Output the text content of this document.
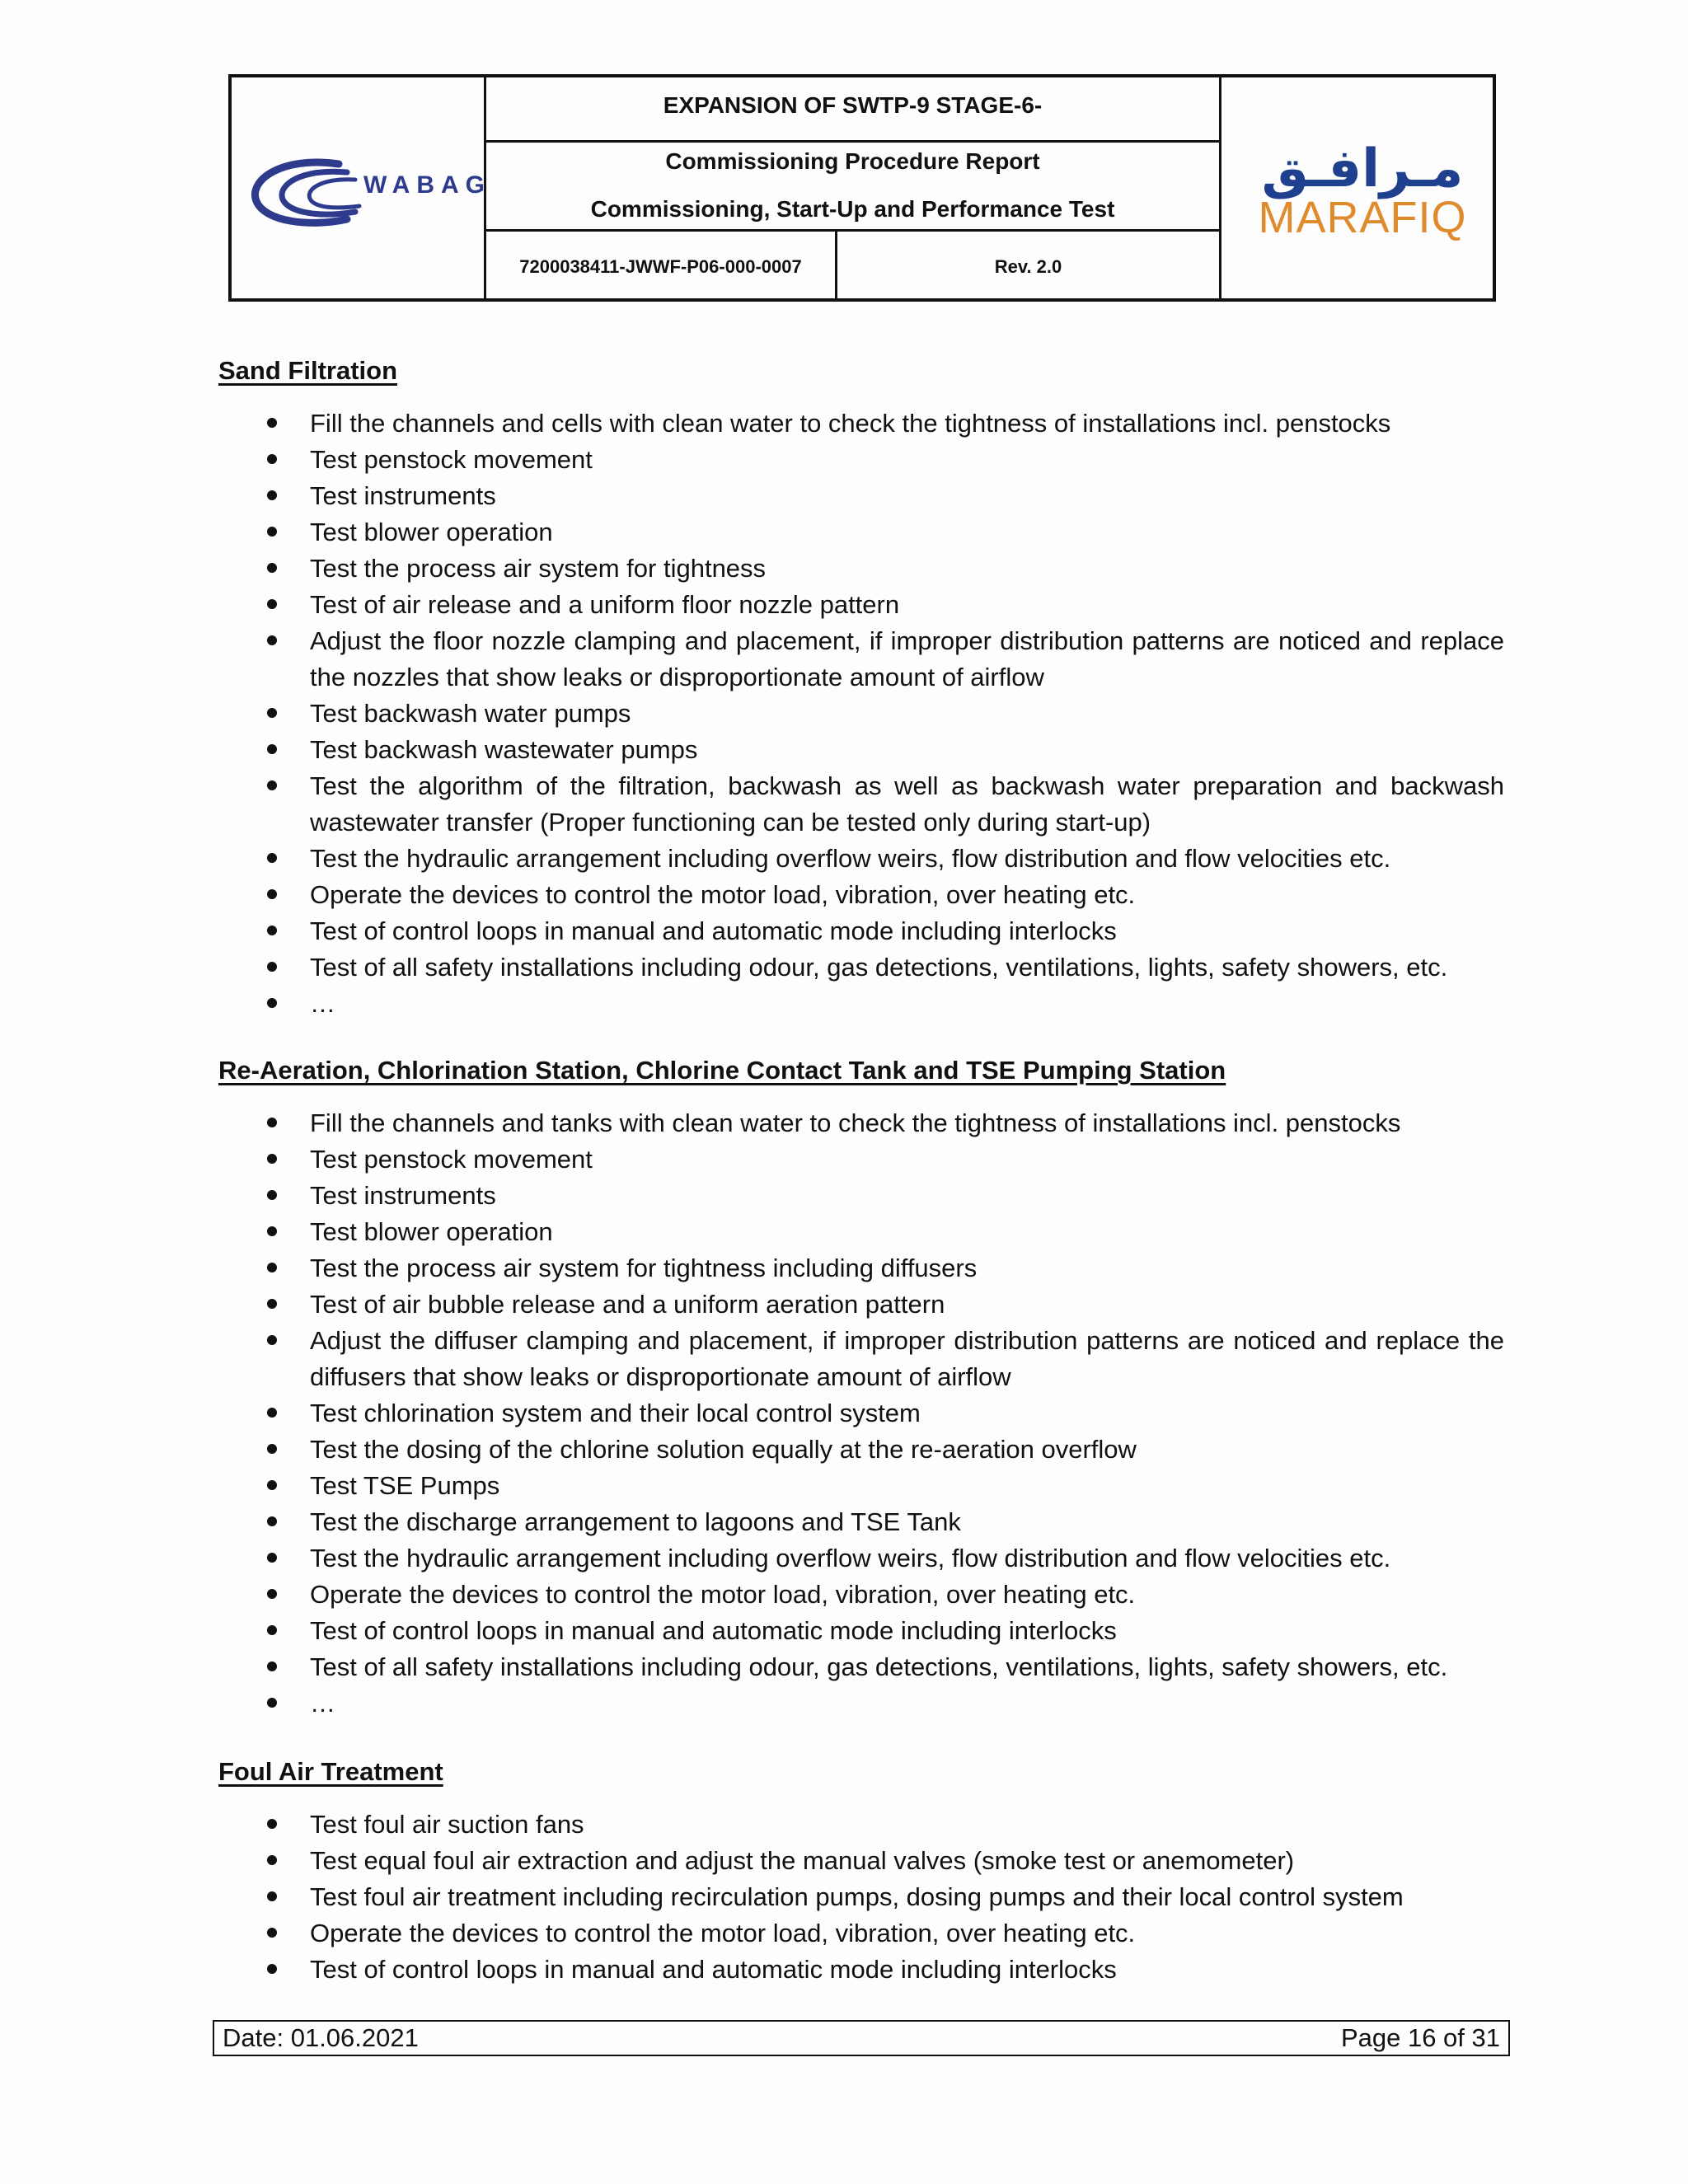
WABAG
EXPANSION OF SWTP-9 STAGE-6-
Commissioning Procedure Report
Commissioning, Start-Up and Performance Test
7200038411-JWWF-P06-000-0007	Rev. 2.0
مـرافـق
MARAFIQ
Sand Filtration
Fill the channels and cells with clean water to check the tightness of installations incl. penstocks
Test penstock movement
Test instruments
Test blower operation
Test the process air system for tightness
Test of air release and a uniform floor nozzle pattern
Adjust the floor nozzle clamping and placement, if improper distribution patterns are noticed and replace the nozzles that show leaks or disproportionate amount of airflow
Test backwash water pumps
Test backwash wastewater pumps
Test the algorithm of the filtration, backwash as well as backwash water preparation and backwash wastewater transfer (Proper functioning can be tested only during start-up)
Test the hydraulic arrangement including overflow weirs, flow distribution and flow velocities etc.
Operate the devices to control the motor load, vibration, over heating etc.
Test of control loops in manual and automatic mode including interlocks
Test of all safety installations including odour, gas detections, ventilations, lights, safety showers, etc.
…
Re-Aeration, Chlorination Station, Chlorine Contact Tank and TSE Pumping Station
Fill the channels and tanks with clean water to check the tightness of installations incl. penstocks
Test penstock movement
Test instruments
Test blower operation
Test the process air system for tightness including diffusers
Test of air bubble release and a uniform aeration pattern
Adjust the diffuser clamping and placement, if improper distribution patterns are noticed and replace the diffusers that show leaks or disproportionate amount of airflow
Test chlorination system and their local control system
Test the dosing of the chlorine solution equally at the re-aeration overflow
Test TSE Pumps
Test the discharge arrangement to lagoons and TSE Tank
Test the hydraulic arrangement including overflow weirs, flow distribution and flow velocities etc.
Operate the devices to control the motor load, vibration, over heating etc.
Test of control loops in manual and automatic mode including interlocks
Test of all safety installations including odour, gas detections, ventilations, lights, safety showers, etc.
…
Foul Air Treatment
Test foul air suction fans
Test equal foul air extraction and adjust the manual valves (smoke test or anemometer)
Test foul air treatment including recirculation pumps, dosing pumps and their local control system
Operate the devices to control the motor load, vibration, over heating etc.
Test of control loops in manual and automatic mode including interlocks
Date: 01.06.2021	Page 16 of 31
